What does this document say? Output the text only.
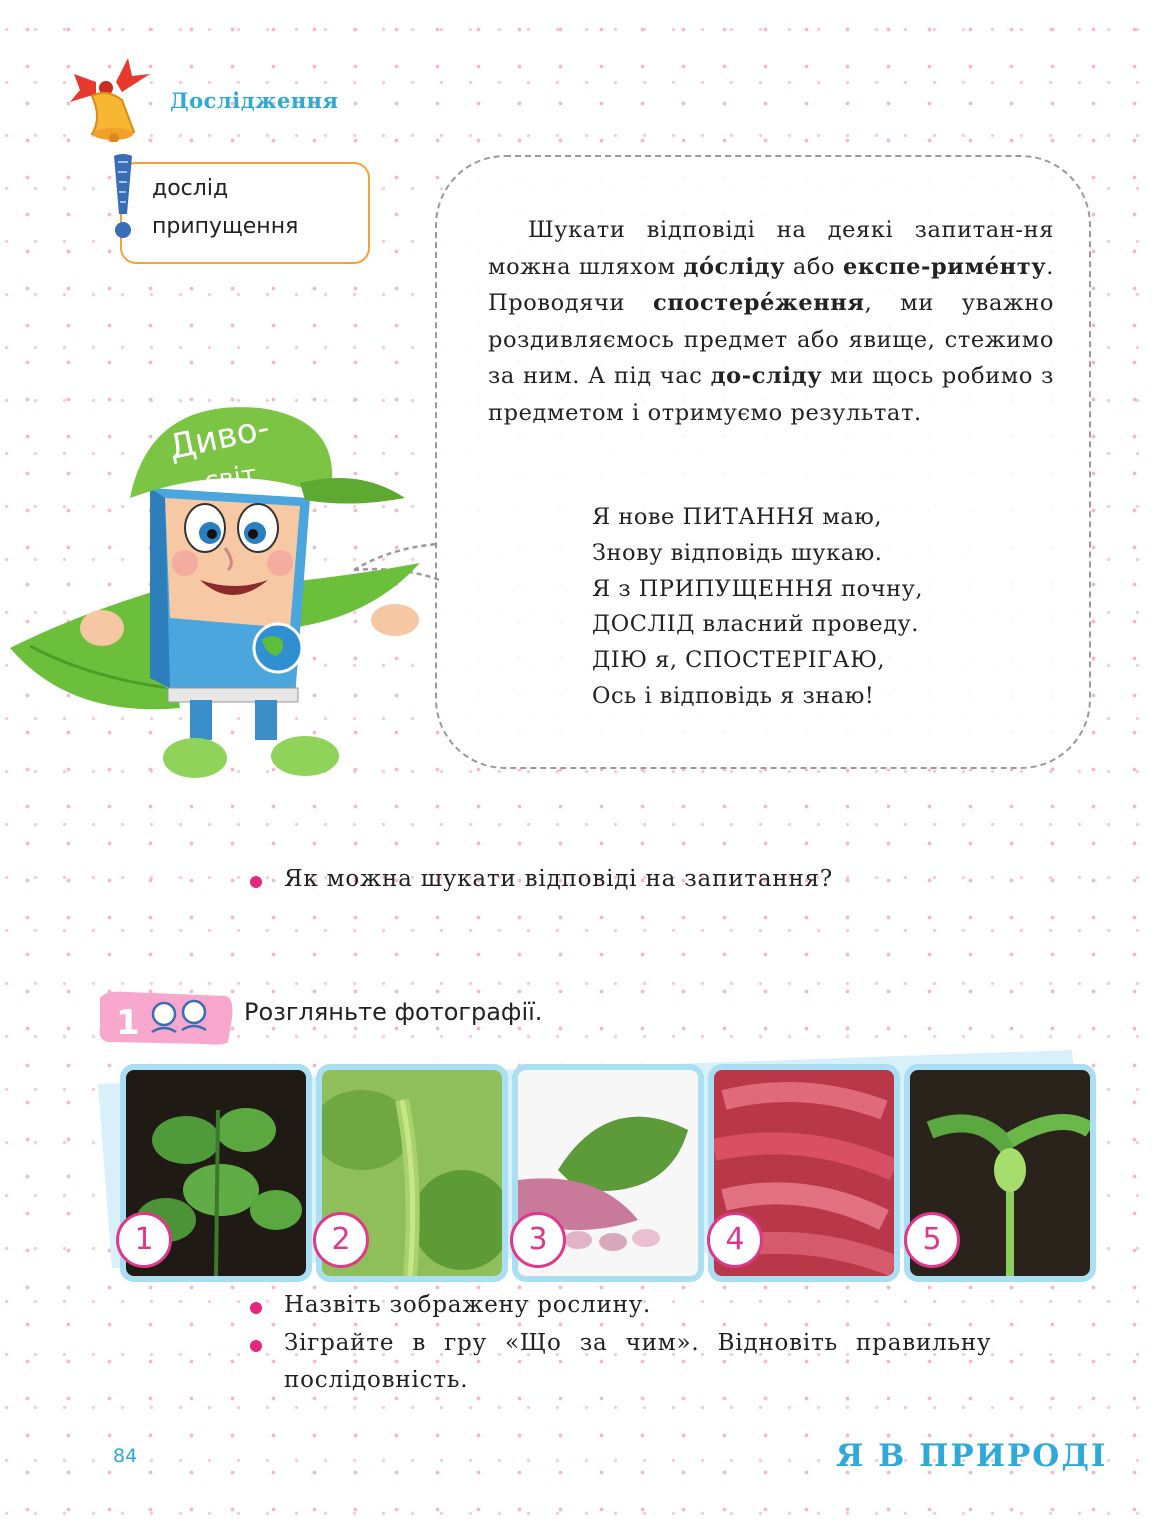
Дослідження
дослід
припущення	Шукати відповіді на деякі запитан-ня можна шляхом до́сліду або експе-риме́нту. Проводячи спостере́ження, ми уважно роздивляємось предмет або явище, стежимо за ним. А під час до-сліду ми щось робимо з предметом і отримуємо результат.
Я нове ПИТАННЯ маю,
Знову відповідь шукаю.
Я з ПРИПУЩЕННЯ почну,
ДОСЛІД власний проведу.
ДІЮ я, СПОСТЕРІГАЮ,
Ось і відповідь я знаю!
Диво-
світ
Як можна шукати відповіді на запитання?
1	Розгляньте фотографії.
1	2	3	4	5
Назвіть зображену рослину.
Зіграйте в гру «Що за чим». Відновіть правильну
послідовність.
84	Я В ПРИРОДІ
